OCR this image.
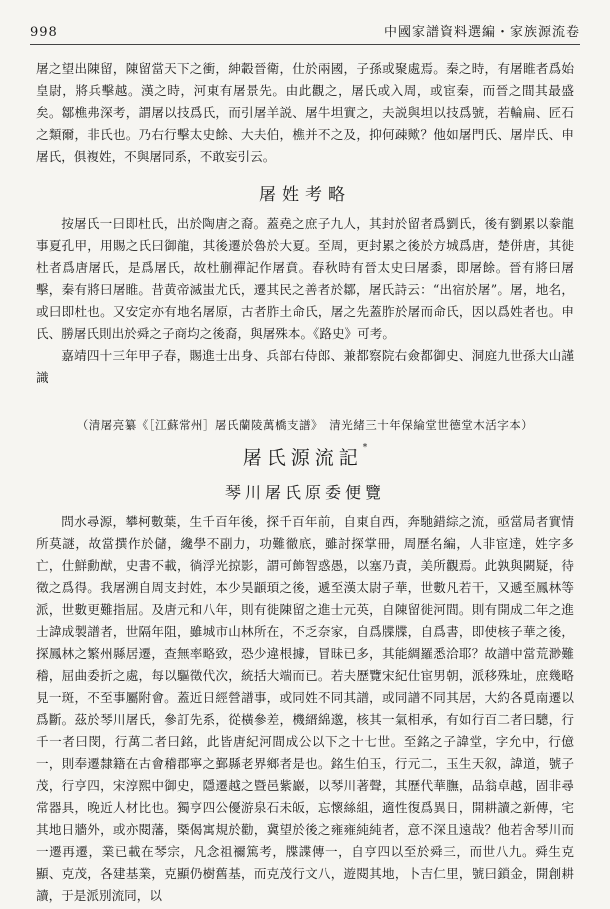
998	中國家譜資料選編・家族源流卷

屠之望出陳留，陳留當天下之衝，紳轂晉衛，仕於兩國，子孫或聚處焉。秦之時，有屠睢者爲始皇尉，將兵擊越。漢之時，河東有屠景先。由此觀之，屠氏或入周，或宦秦，而晉之間其最盛矣。鄒樵弗深考，謂屠以技爲氏，而引屠羊説、屠牛坦實之，夫説與坦以技爲號，若輪扁、匠石之類爾，非氏也。乃右行擊太史餘、大夫伯，樵并不之及，抑何疎歟？他如屠門氏、屠岸氏、申屠氏，俱複姓，不與屠同系，不敢妄引云。

屠姓考略

按屠氏一曰即杜氏，出於陶唐之裔。蓋堯之庶子九人，其封於留者爲劉氏，後有劉累以豢龍事夏孔甲，用賜之氏曰御龍，其後遷於魯於大夏。至周，更封累之後於方城爲唐，楚併唐，其徙杜者爲唐屠氏，是爲屠氏，故杜蒯禪記作屠賁。春秋時有晉太史曰屠黍，即屠餘。晉有將曰屠擊，秦有將曰屠睢。昔黄帝滅蚩尤氏，遷其民之善者於鄒，屠氏詩云：“出宿於屠”。屠，地名，或曰即杜也。又安定亦有地名屠原，古者胙土命氏，屠之先蓋胙於屠而命氏，因以爲姓者也。申氏、勝屠氏則出於舜之子商均之後裔，與屠殊本。《路史》可考。

嘉靖四十三年甲子春，賜進士出身、兵部右侍郎、兼都察院右僉都御史、洞庭九世孫大山謹識

（清屠亮纂《［江蘇常州］屠氏蘭陵萬橋支譜》　清光緒三十年保綸堂世德堂木活字本）
屠氏源流記*
琴川屠氏原委便覽

問水尋源，攀柯數葉，生千百年後，探千百年前，自東自西，奔馳錯綜之流，亟當局者實情所莫謎，故當撰作於儲，纔學不副力，功難徹底，雖討探掌冊，周歷名編，人非宦達，姓字多亡，仕鮮勳猷，史書不載，徜浮光掠影，謂可飾智惑愚，以塞乃責，美所觀焉。此孰與闕疑，待徵之爲得。我屠溯自周支封姓，本少昊顓頊之後，遞至漢太尉子華，世數凡若干，又遞至鳳林等派，世數更難指屈。及唐元和八年，則有徙陳留之進士元英，自陳留徙河間。則有開成二年之進士諱成製譜者，世隔年阻，雖城市山林所在，不乏奈家，自爲牒牒，自爲書，即使核子華之後，探鳳林之繁州縣居遷，查無率略致，恐少違根據，冒昧已多，其能綢羅悉洽耶？故譜中當荒渺難稽，屈曲委折之處，每以驅徵代次，統括大端而已。若夫歷覽宋紀仕宦男朝，派移殊址，庶幾略見一斑，不至事屬附會。蓋近日經營譜事，或同姓不同其譜，或同譜不同其居，大約各覓南遷以爲斷。茲於琴川屠氏，參訂先系，從橫參差，機縉綿邈，核其一氣相承，有如行百二者曰驄，行千一者曰閔，行萬二者曰銘，此皆唐紀河間成公以下之十七世。至銘之子諱堂，字允中，行億一，則奉遷隸籍在古會稽郡寧之鄞縣老界鄉者是也。銘生伯玉，行元二，玉生天叙，諱道，號子茂，行亨四，宋淳熙中御史，隱遷越之暨邑紫巖，以琴川著聲，其歷代華膴，品翁卓越，固非尋常器具，晚近人材比也。獨亨四公優游泉石未皈，忘懷絲組，適性復爲異日，開耕讀之新傳，宅其地日牆外，或亦閱藩，槩偈寓規於勸，冀望於後之雍雍純純者，意不深且遠哉？他若舍琴川而一遷再遷，業已載在琴宗，凡念祖禰篤考，牒諜傳一，自亨四以至於舜三，而世八九。舜生克顯、克茂，各建基業，克顯仍樹舊基，而克茂行文八，遊閱其地，卜吉仁里，號曰鎖金，開創耕讀，于是派別流同，以
